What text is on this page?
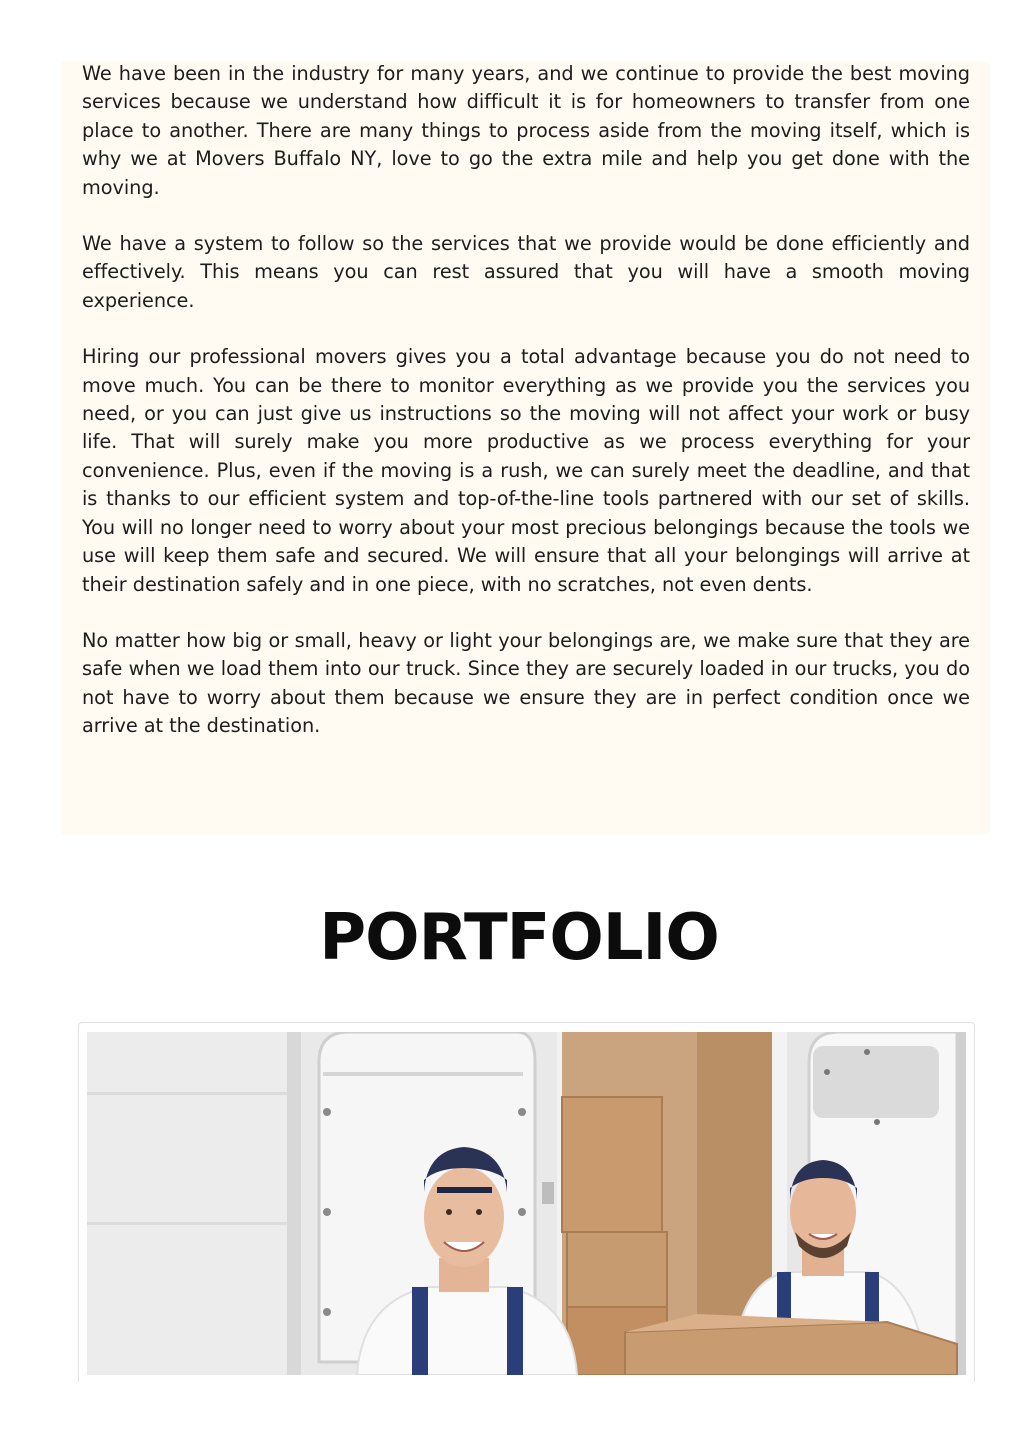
We have been in the industry for many years, and we continue to provide the best moving services because we understand how difficult it is for homeowners to transfer from one place to another. There are many things to process aside from the moving itself, which is why we at Movers Buffalo NY, love to go the extra mile and help you get done with the moving.

We have a system to follow so the services that we provide would be done efficiently and effectively. This means you can rest assured that you will have a smooth moving experience.

Hiring our professional movers gives you a total advantage because you do not need to move much. You can be there to monitor everything as we provide you the services you need, or you can just give us instructions so the moving will not affect your work or busy life. That will surely make you more productive as we process everything for your convenience. Plus, even if the moving is a rush, we can surely meet the deadline, and that is thanks to our efficient system and top-of-the-line tools partnered with our set of skills. You will no longer need to worry about your most precious belongings because the tools we use will keep them safe and secured. We will ensure that all your belongings will arrive at their destination safely and in one piece, with no scratches, not even dents.

No matter how big or small, heavy or light your belongings are, we make sure that they are safe when we load them into our truck. Since they are securely loaded in our trucks, you do not have to worry about them because we ensure they are in perfect condition once we arrive at the destination.

PORTFOLIO
